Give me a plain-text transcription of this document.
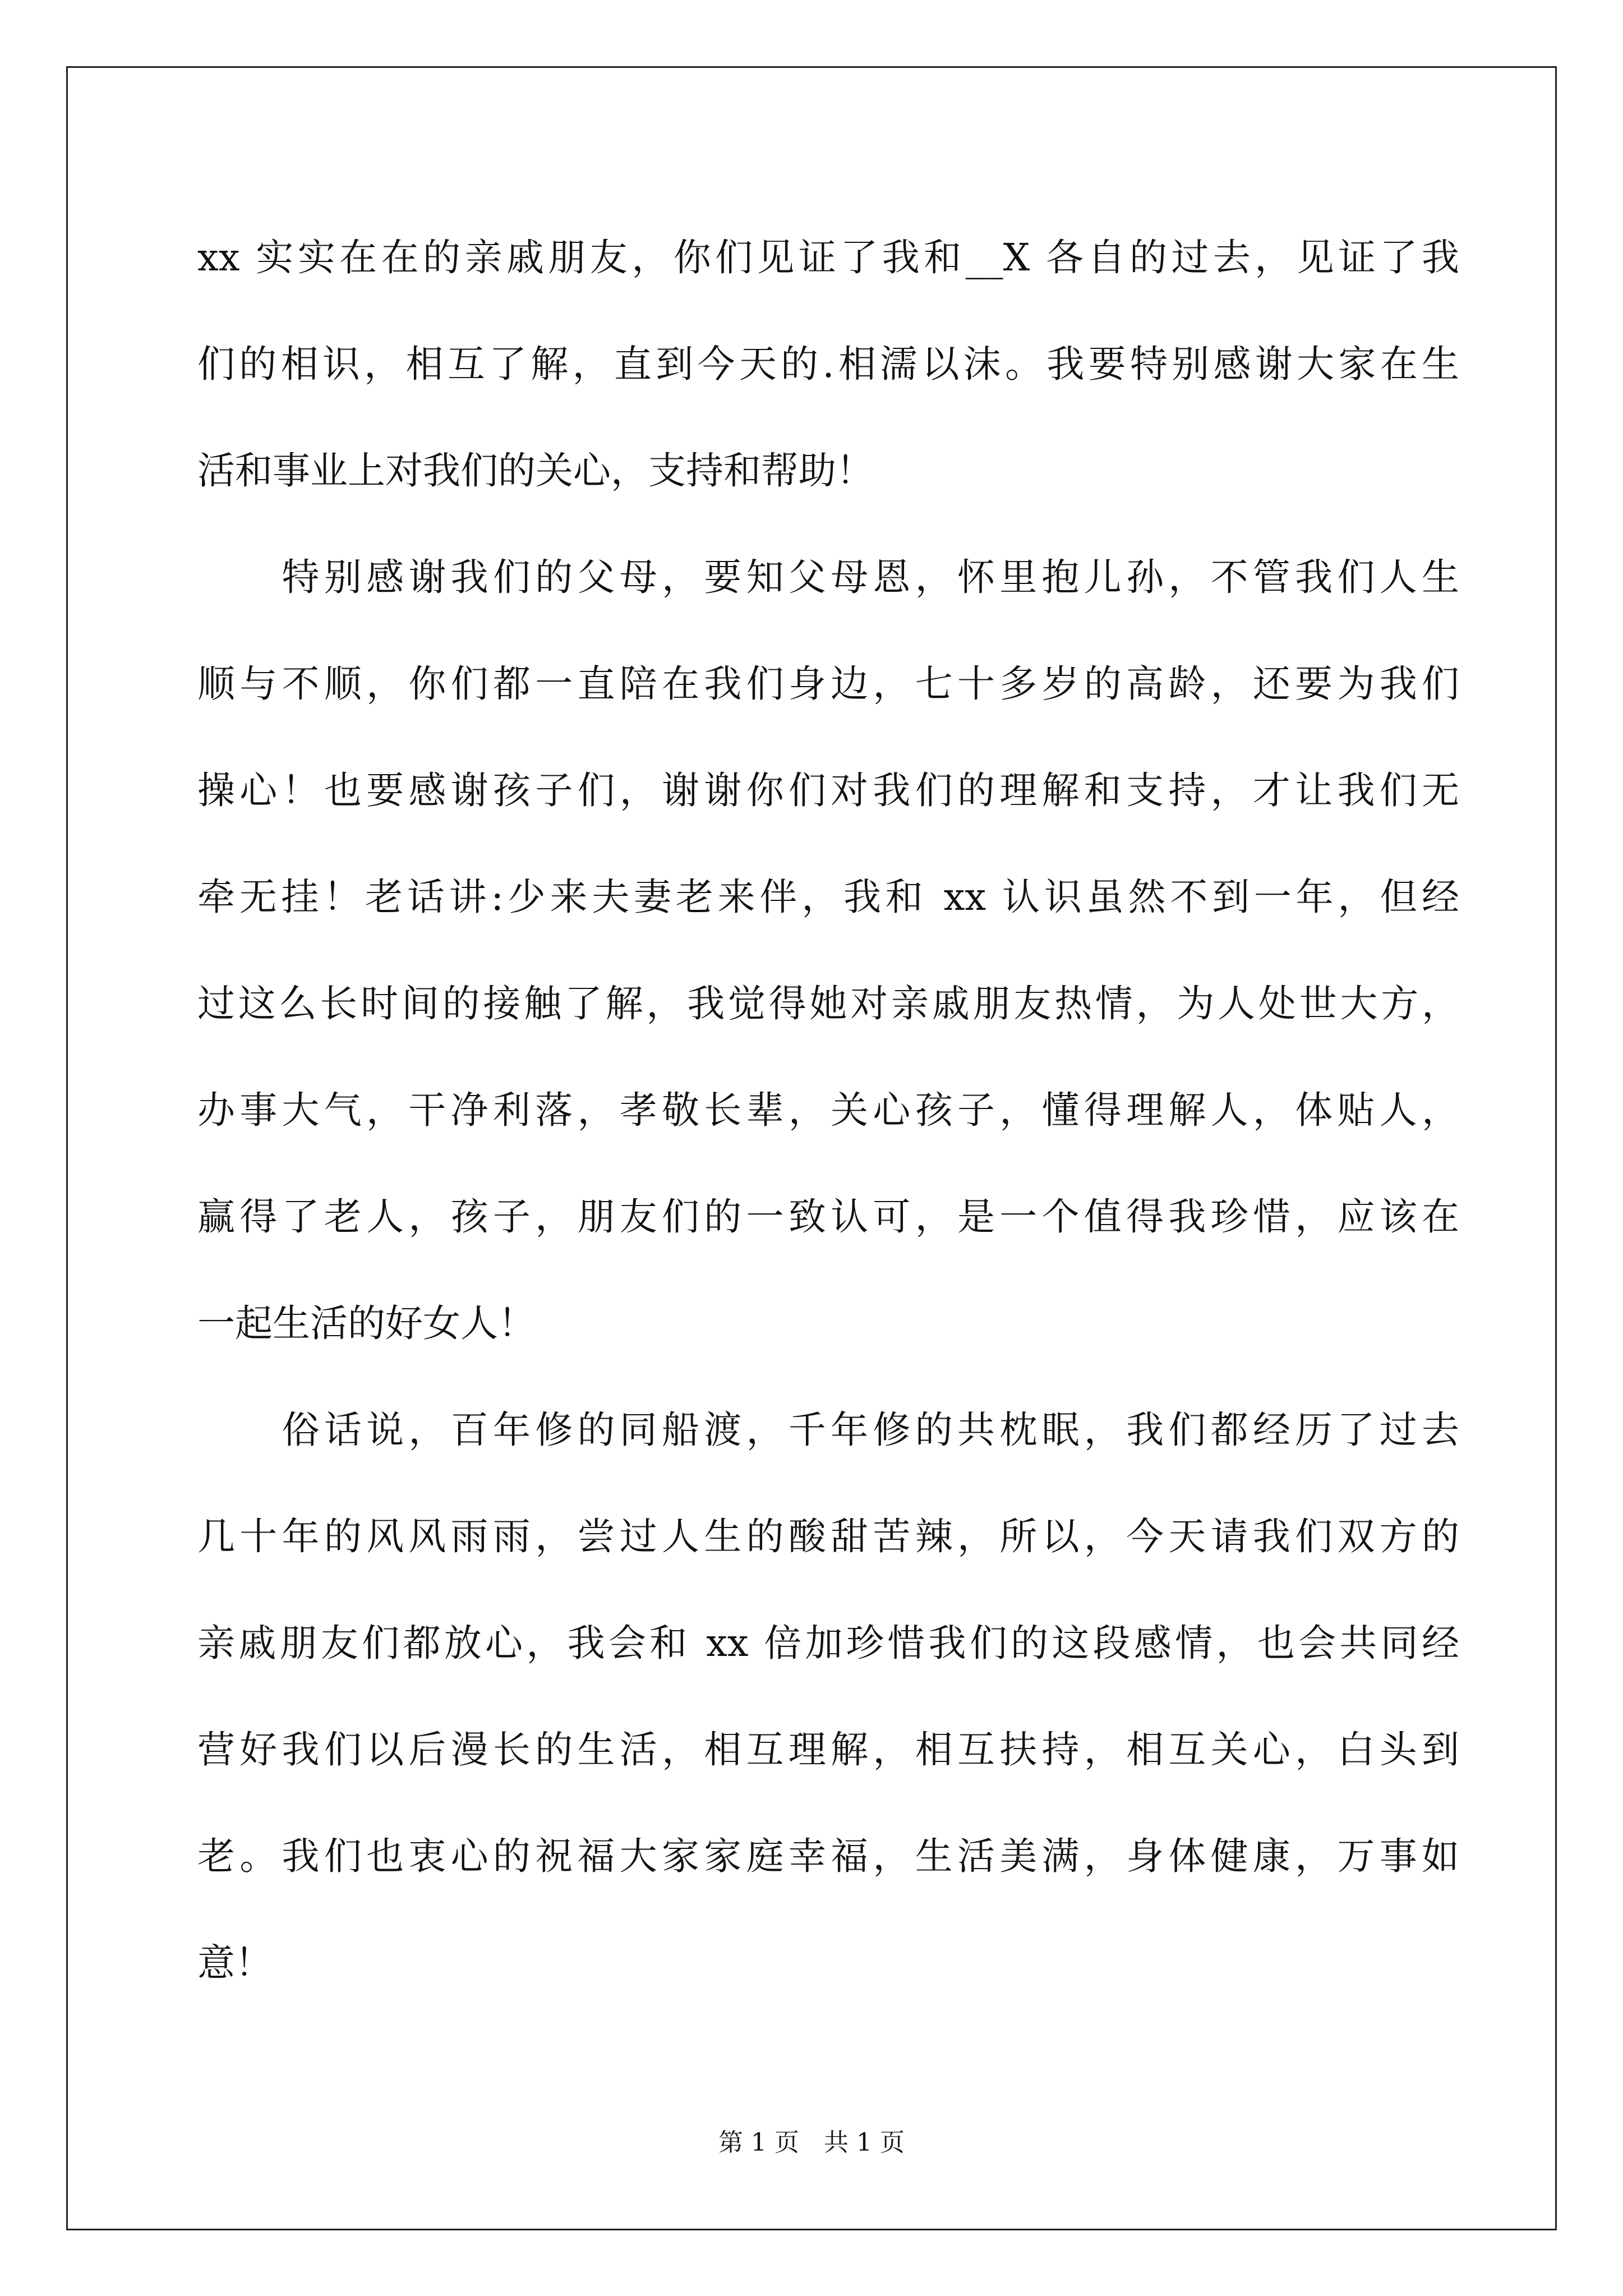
xx 实实在在的亲戚朋友，你们见证了我和__X 各自的过去，见证了我
们的相识，相互了解，直到今天的.相濡以沫。我要特别感谢大家在生
活和事业上对我们的关心，支持和帮助！
　　特别感谢我们的父母，要知父母恩，怀里抱儿孙，不管我们人生
顺与不顺，你们都一直陪在我们身边，七十多岁的高龄，还要为我们
操心！也要感谢孩子们，谢谢你们对我们的理解和支持，才让我们无
牵无挂！老话讲:少来夫妻老来伴，我和 xx 认识虽然不到一年，但经
过这么长时间的接触了解，我觉得她对亲戚朋友热情，为人处世大方，
办事大气，干净利落，孝敬长辈，关心孩子，懂得理解人，体贴人，
赢得了老人，孩子，朋友们的一致认可，是一个值得我珍惜，应该在
一起生活的好女人！
　　俗话说，百年修的同船渡，千年修的共枕眠，我们都经历了过去
几十年的风风雨雨，尝过人生的酸甜苦辣，所以，今天请我们双方的
亲戚朋友们都放心，我会和 xx 倍加珍惜我们的这段感情，也会共同经
营好我们以后漫长的生活，相互理解，相互扶持，相互关心，白头到
老。我们也衷心的祝福大家家庭幸福，生活美满，身体健康，万事如
意！
第 1 页　共 1 页
